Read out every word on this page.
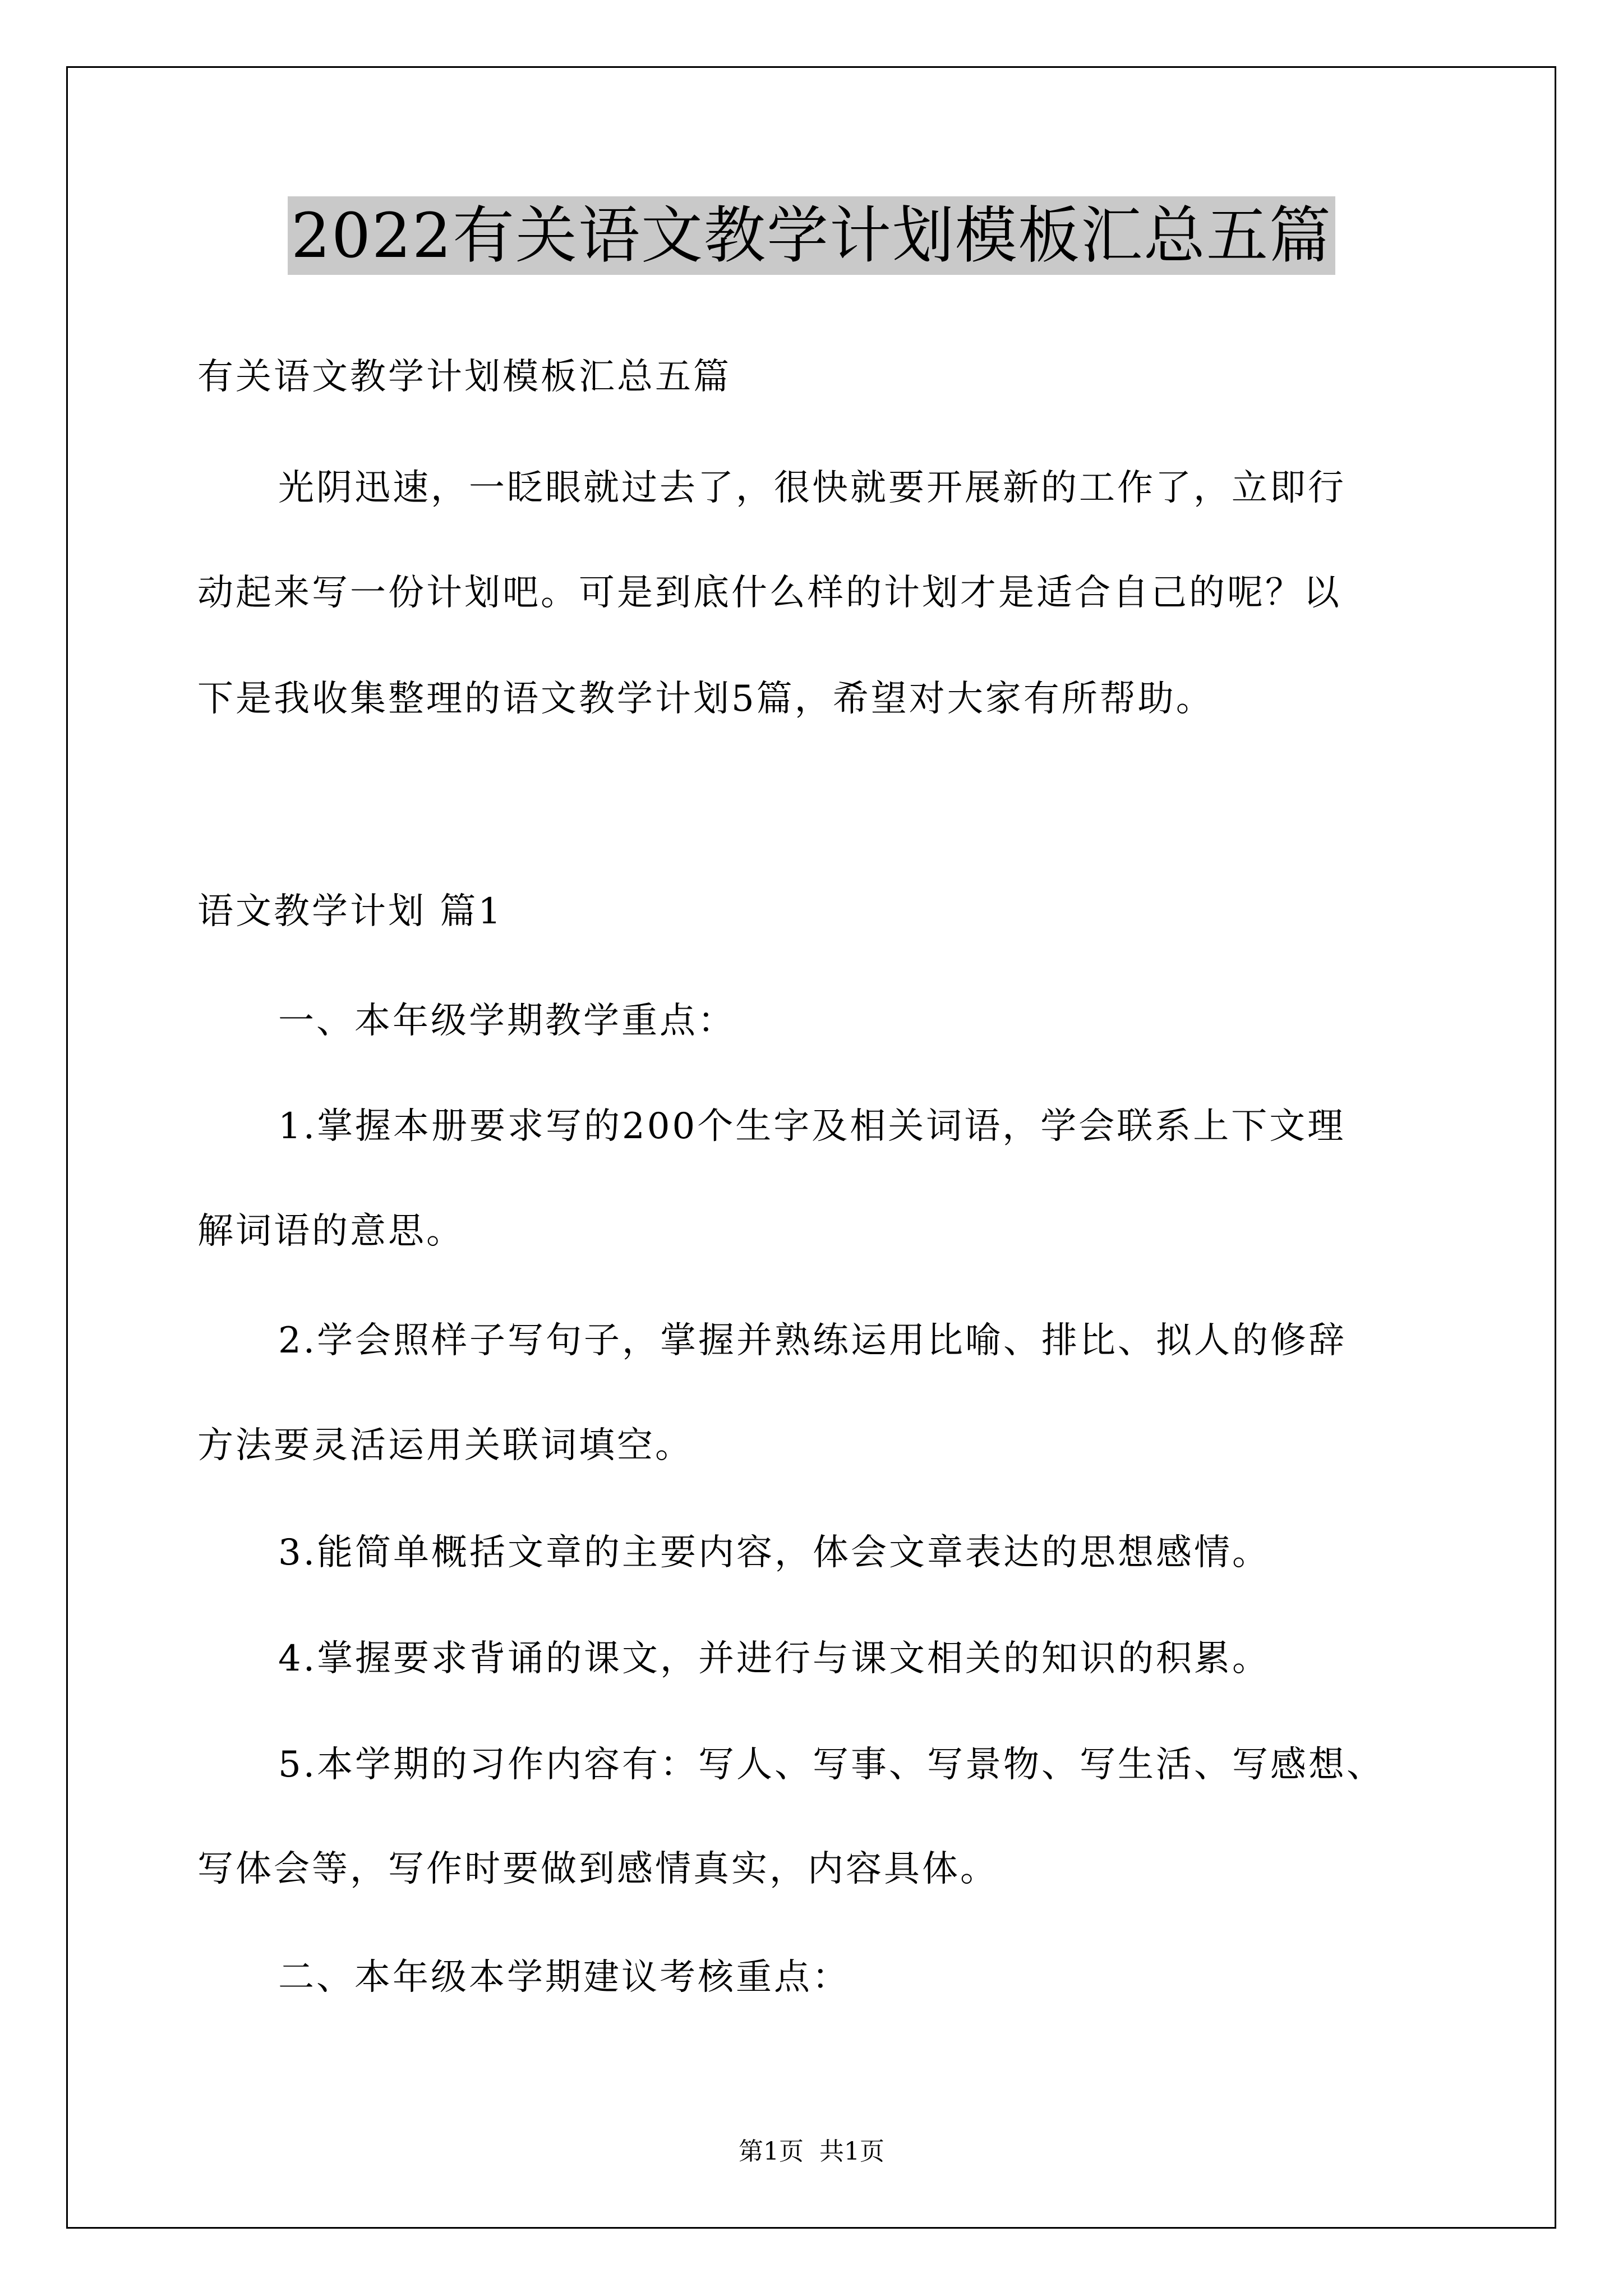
2022有关语文教学计划模板汇总五篇
有关语文教学计划模板汇总五篇
光阴迅速，一眨眼就过去了，很快就要开展新的工作了，立即行
动起来写一份计划吧。可是到底什么样的计划才是适合自己的呢？以
下是我收集整理的语文教学计划5篇，希望对大家有所帮助。
语文教学计划 篇1
一、本年级学期教学重点：
1.掌握本册要求写的200个生字及相关词语，学会联系上下文理
解词语的意思。
2.学会照样子写句子，掌握并熟练运用比喻、排比、拟人的修辞
方法要灵活运用关联词填空。
3.能简单概括文章的主要内容，体会文章表达的思想感情。
4.掌握要求背诵的课文，并进行与课文相关的知识的积累。
5.本学期的习作内容有：写人、写事、写景物、写生活、写感想、
写体会等，写作时要做到感情真实，内容具体。
二、本年级本学期建议考核重点：
第1页 共1页
